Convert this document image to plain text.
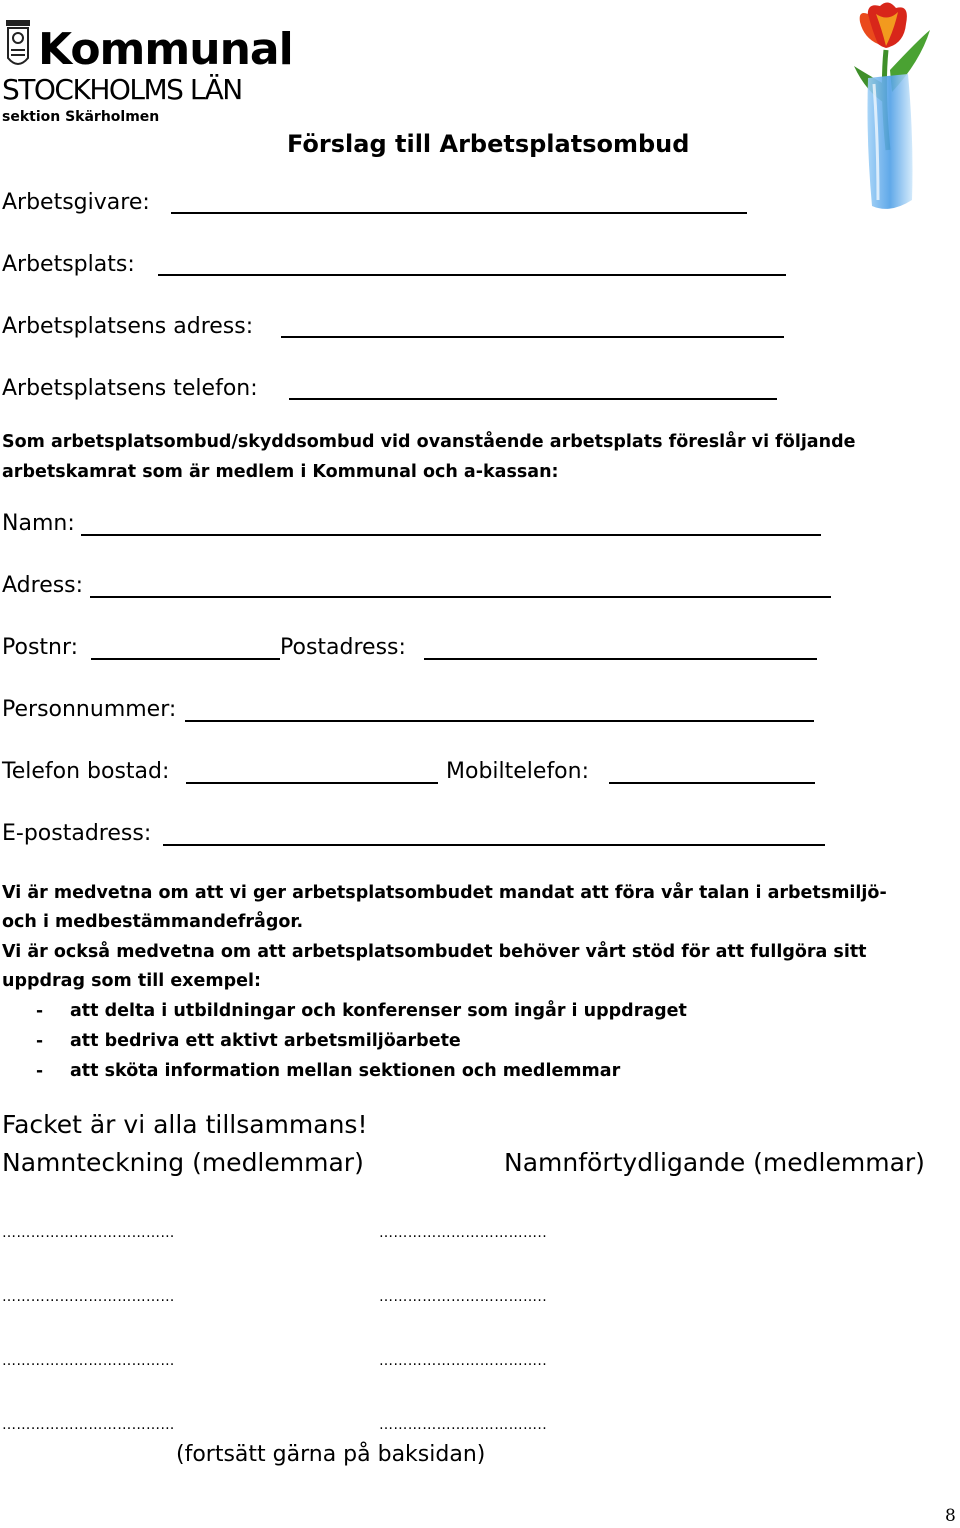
Kommunal
STOCKHOLMS LÄN
sektion Skärholmen
Förslag till Arbetsplatsombud
Arbetsgivare:
Arbetsplats:
Arbetsplatsens adress:
Arbetsplatsens telefon:
Som arbetsplatsombud/skyddsombud vid ovanstående arbetsplats föreslår vi följande
arbetskamrat som är medlem i Kommunal och a-kassan:
Namn:
Adress:
Postnr:	Postadress:
Personnummer:
Telefon bostad:	Mobiltelefon:
E-postadress:
Vi är medvetna om att vi ger arbetsplatsombudet mandat att föra vår talan i arbetsmiljö-
och i medbestämmandefrågor.
Vi är också medvetna om att arbetsplatsombudet behöver vårt stöd för att fullgöra sitt
uppdrag som till exempel:
- att delta i utbildningar och konferenser som ingår i uppdraget
- att bedriva ett aktivt arbetsmiljöarbete
- att sköta information mellan sektionen och medlemmar
Facket är vi alla tillsammans!
Namnteckning (medlemmar)	Namnförtydligande (medlemmar)
………………………………	……………………………..
………………………………	……………………………..
………………………………	……………………………..
………………………………	……………………………..
(fortsätt gärna på baksidan)
8
